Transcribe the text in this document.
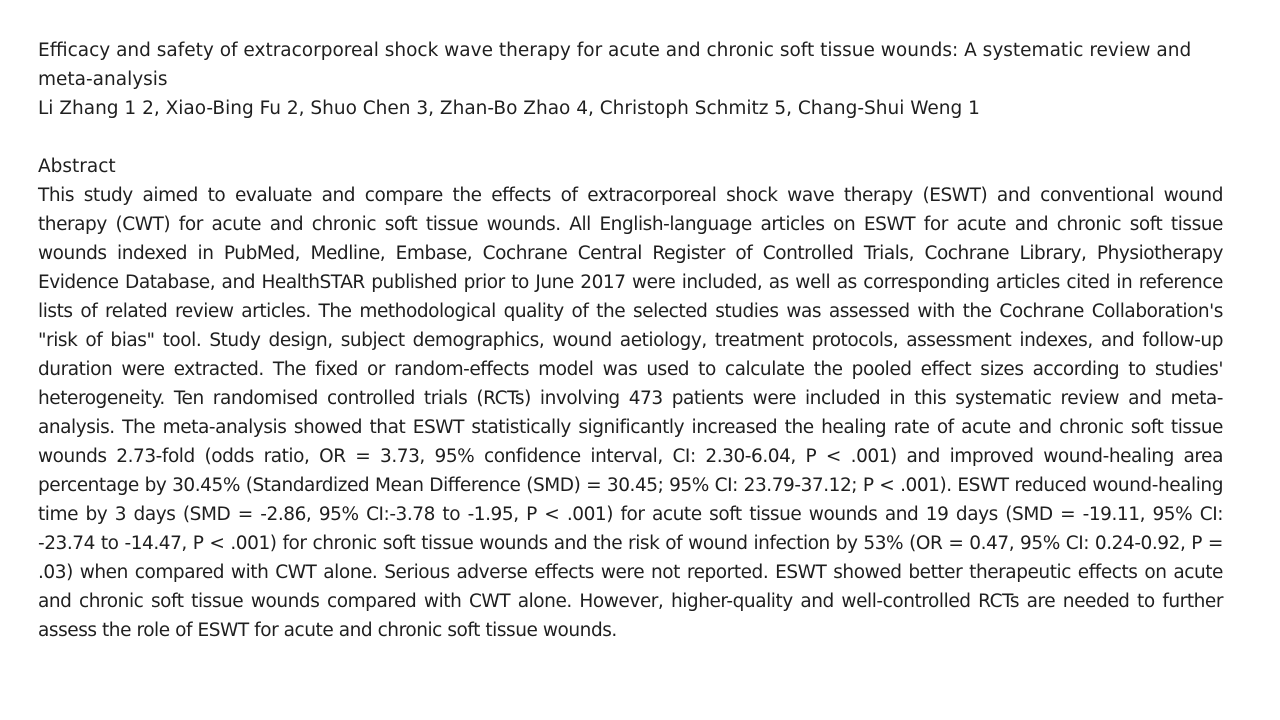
Efficacy and safety of extracorporeal shock wave therapy for acute and chronic soft tissue wounds: A systematic review and meta-analysis

Li Zhang 1 2, Xiao-Bing Fu 2, Shuo Chen 3, Zhan-Bo Zhao 4, Christoph Schmitz 5, Chang-Shui Weng 1

Abstract

This study aimed to evaluate and compare the effects of extracorporeal shock wave therapy (ESWT) and conventional wound therapy (CWT) for acute and chronic soft tissue wounds. All English-language articles on ESWT for acute and chronic soft tissue wounds indexed in PubMed, Medline, Embase, Cochrane Central Register of Controlled Trials, Cochrane Library, Physiotherapy Evidence Database, and HealthSTAR published prior to June 2017 were included, as well as corresponding articles cited in reference lists of related review articles. The methodological quality of the selected studies was assessed with the Cochrane Collaboration's "risk of bias" tool. Study design, subject demographics, wound aetiology, treatment protocols, assessment indexes, and follow-up duration were extracted. The fixed or random-effects model was used to calculate the pooled effect sizes according to studies' heterogeneity. Ten randomised controlled trials (RCTs) involving 473 patients were included in this systematic review and meta-analysis. The meta-analysis showed that ESWT statistically significantly increased the healing rate of acute and chronic soft tissue wounds 2.73-fold (odds ratio, OR = 3.73, 95% confidence interval, CI: 2.30-6.04, P < .001) and improved wound-healing area percentage by 30.45% (Standardized Mean Difference (SMD) = 30.45; 95% CI: 23.79-37.12; P < .001). ESWT reduced wound-healing time by 3 days (SMD = -2.86, 95% CI:-3.78 to -1.95, P < .001) for acute soft tissue wounds and 19 days (SMD = -19.11, 95% CI: -23.74 to -14.47, P < .001) for chronic soft tissue wounds and the risk of wound infection by 53% (OR = 0.47, 95% CI: 0.24-0.92, P = .03) when compared with CWT alone. Serious adverse effects were not reported. ESWT showed better therapeutic effects on acute and chronic soft tissue wounds compared with CWT alone. However, higher-quality and well-controlled RCTs are needed to further assess the role of ESWT for acute and chronic soft tissue wounds.
